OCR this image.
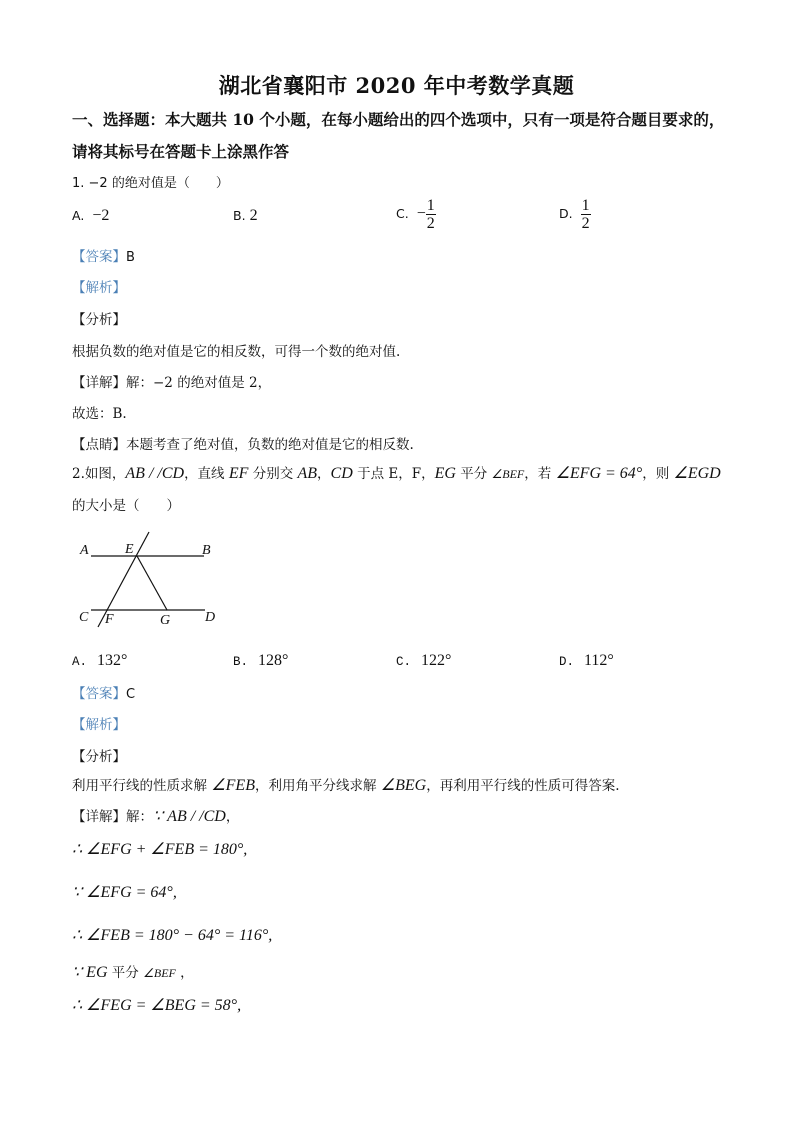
湖北省襄阳市 2020 年中考数学真题
一、选择题：本大题共 10 个小题，在每小题给出的四个选项中，只有一项是符合题目要求的，
请将其标号在答题卡上涂黑作答
1. −2 的绝对值是（　　）
A. −2	B. 2	C. − $\frac{1}{2}$	D. $\frac{1}{2}$
【答案】B
【解析】
【分析】
根据负数的绝对值是它的相反数，可得一个数的绝对值.
【详解】解：−2 的绝对值是 2，
故选：B.
【点睛】本题考查了绝对值，负数的绝对值是它的相反数.
2.如图，AB / /CD，直线 EF 分别交 AB，CD 于点 E，F，EG 平分 ∠BEF，若 ∠EFG = 64°，则 ∠EGD
的大小是（　　）
A	E	B
C F	G D
A. 132°	B. 128°	C. 122°	D. 112°
【答案】C
【解析】
【分析】
利用平行线的性质求解 ∠FEB，利用角平分线求解 ∠BEG，再利用平行线的性质可得答案.
【详解】解：∵ AB / /CD，
∴ ∠EFG + ∠FEB = 180°,
∵ ∠EFG = 64°,
∴ ∠FEB = 180° − 64° = 116°,
∵ EG 平分 ∠BEF ，
∴ ∠FEG = ∠BEG = 58°,
